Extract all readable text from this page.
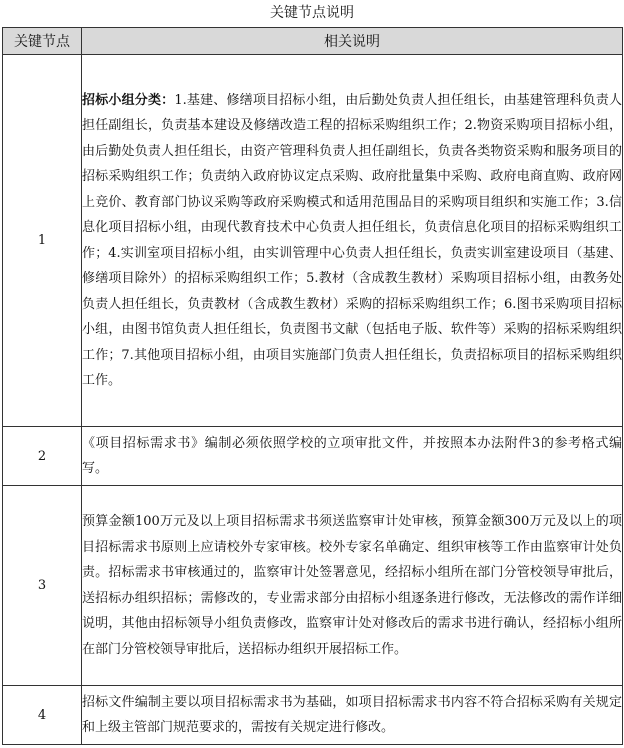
关键节点说明
关键节点	相关说明
1	招标小组分类：1.基建、修缮项目招标小组，由后勤处负责人担任组长，由基建管理科负责人担任副组长，负责基本建设及修缮改造工程的招标采购组织工作；2.物资采购项目招标小组，由后勤处负责人担任组长，由资产管理科负责人担任副组长，负责各类物资采购和服务项目的招标采购组织工作；负责纳入政府协议定点采购、政府批量集中采购、政府电商直购、政府网上竞价、教育部门协议采购等政府采购模式和适用范围品目的采购项目组织和实施工作；3.信息化项目招标小组，由现代教育技术中心负责人担任组长，负责信息化项目的招标采购组织工作；4.实训室项目招标小组，由实训管理中心负责人担任组长，负责实训室建设项目（基建、修缮项目除外）的招标采购组织工作；5.教材（含成教生教材）采购项目招标小组，由教务处负责人担任组长，负责教材（含成教生教材）采购的招标采购组织工作；6.图书采购项目招标小组，由图书馆负责人担任组长，负责图书文献（包括电子版、软件等）采购的招标采购组织工作；7.其他项目招标小组，由项目实施部门负责人担任组长，负责招标项目的招标采购组织工作。
2	《项目招标需求书》编制必须依照学校的立项审批文件，并按照本办法附件3的参考格式编写。
3	预算金额100万元及以上项目招标需求书须送监察审计处审核，预算金额300万元及以上的项目招标需求书原则上应请校外专家审核。校外专家名单确定、组织审核等工作由监察审计处负责。招标需求书审核通过的，监察审计处签署意见，经招标小组所在部门分管校领导审批后，送招标办组织招标；需修改的，专业需求部分由招标小组逐条进行修改，无法修改的需作详细说明，其他由招标领导小组负责修改，监察审计处对修改后的需求书进行确认，经招标小组所在部门分管校领导审批后，送招标办组织开展招标工作。
4	招标文件编制主要以项目招标需求书为基础，如项目招标需求书内容不符合招标采购有关规定和上级主管部门规范要求的，需按有关规定进行修改。
